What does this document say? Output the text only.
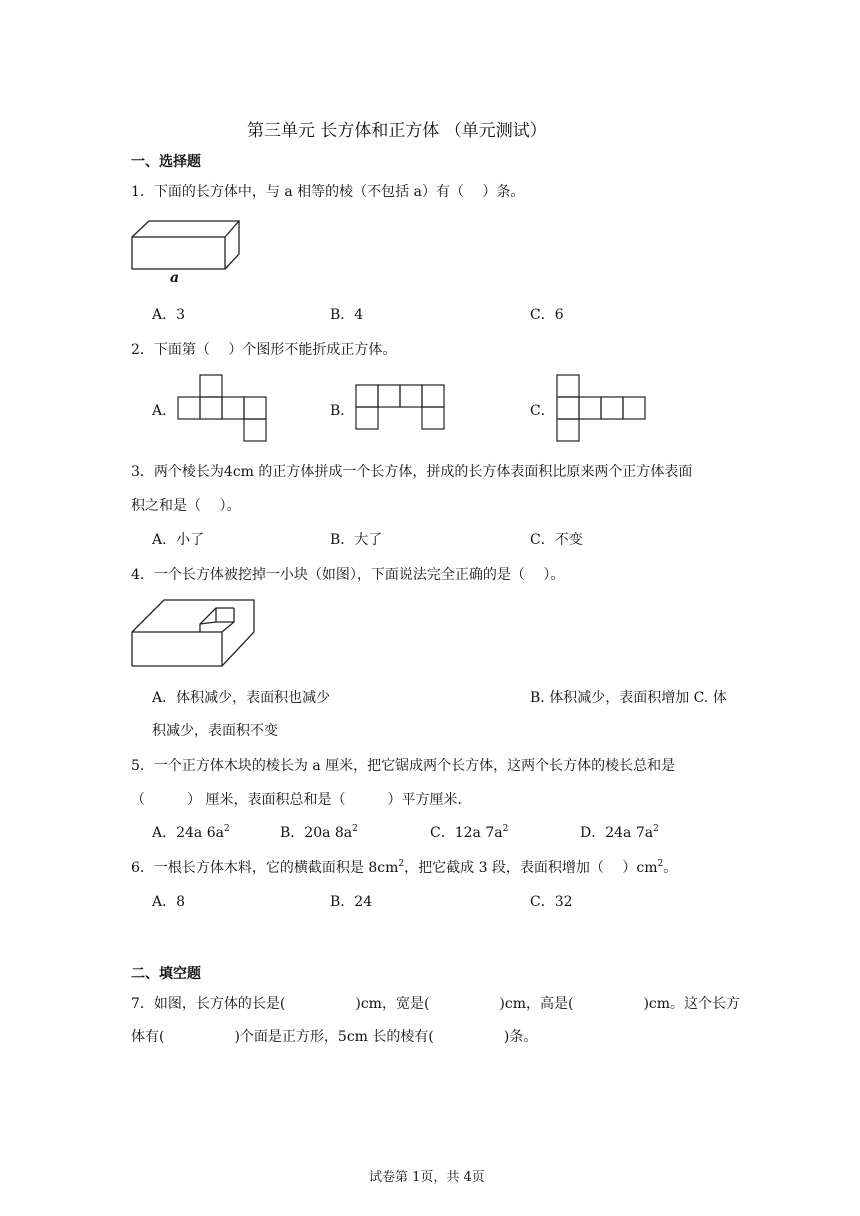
第三单元 长方体和正方体 （单元测试）
一、选择题
1．下面的长方体中，与 a 相等的棱（不包括 a）有（　 ）条。
a
A．3	B．4	C．6
2．下面第（　 ）个图形不能折成正方体。
A．	B．	C．
3．两个棱长为4cm 的正方体拼成一个长方体，拼成的长方体表面积比原来两个正方体表面
积之和是（　 ）。
A．小了	B．大了	C．不变
4．一个长方体被挖掉一小块（如图），下面说法完全正确的是（　 ）。
A．体积减少，表面积也减少	B. 体积减少，表面积增加 C. 体
积减少，表面积不变
5．一个正方体木块的棱长为 a 厘米，把它锯成两个长方体，这两个长方体的棱长总和是
（　　　） 厘米，表面积总和是（　　　）平方厘米．
A．24a $6a^2$	B．20a $8a^2$	C．12a $7a^2$	D．24a $7a^2$
6．一根长方体木料，它的横截面积是 $8cm^2$，把它截成 3 段，表面积增加（　 ）$cm^2$。
A．8	B．24	C．32
二、填空题
7．如图，长方体的长是(　　　　　)cm，宽是(　　　　　)cm，高是(　　　　　)cm。这个长方
体有(　　　　　)个面是正方形，5cm 长的棱有(　　　　　)条。
试卷第 1页，共 4页
